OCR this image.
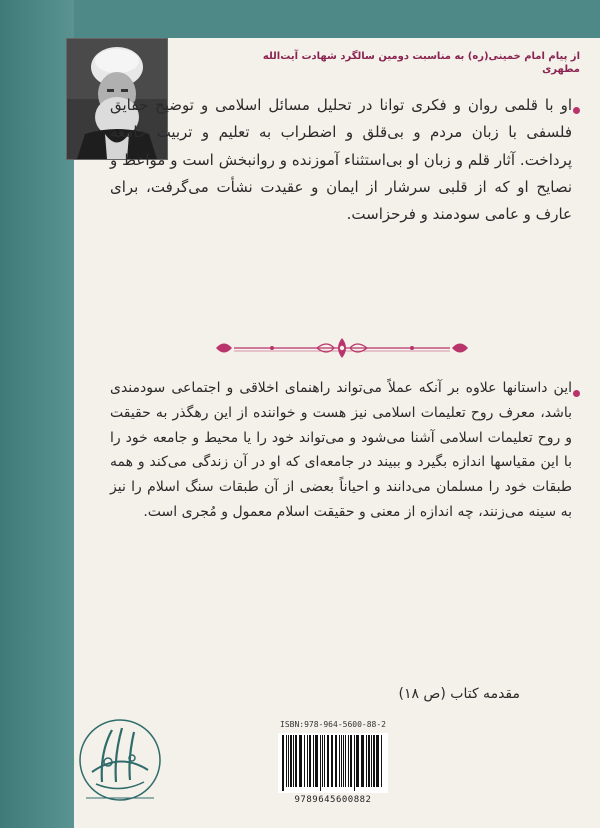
از پیام امام خمینی(ره) به مناسبت دومین سالگرد شهادت آیت‌الله مطهری

او با قلمی روان و فکری توانا در تحلیل مسائل اسلامی و توضیح حقایق فلسفی با زبان مردم و بی‌قلق و اضطراب به تعلیم و تربیت جامعه پرداخت. آثار قلم و زبان او بی‌استثناء آموزنده و روانبخش است و مواعظ و نصایح او که از قلبی سرشار از ایمان و عقیدت نشأت می‌گرفت، برای عارف و عامی سودمند و فرحزاست.

این داستانها علاوه بر آنکه عملاً می‌تواند راهنمای اخلاقی و اجتماعی سودمندی باشد، معرف روح تعلیمات اسلامی نیز هست و خواننده از این رهگذر به حقیقت و روح تعلیمات اسلامی آشنا می‌شود و می‌تواند خود را یا محیط و جامعه خود را با این مقیاسها اندازه بگیرد و ببیند در جامعه‌ای که او در آن زندگی می‌کند و همه طبقات خود را مسلمان می‌دانند و احیاناً بعضی از آن طبقات سنگ اسلام را نیز به سینه می‌زنند، چه اندازه از معنی و حقیقت اسلام معمول و مُجری است.

مقدمه کتاب (ص ۱۸)
ISBN:978-964-5600-88-2
9789645600882
